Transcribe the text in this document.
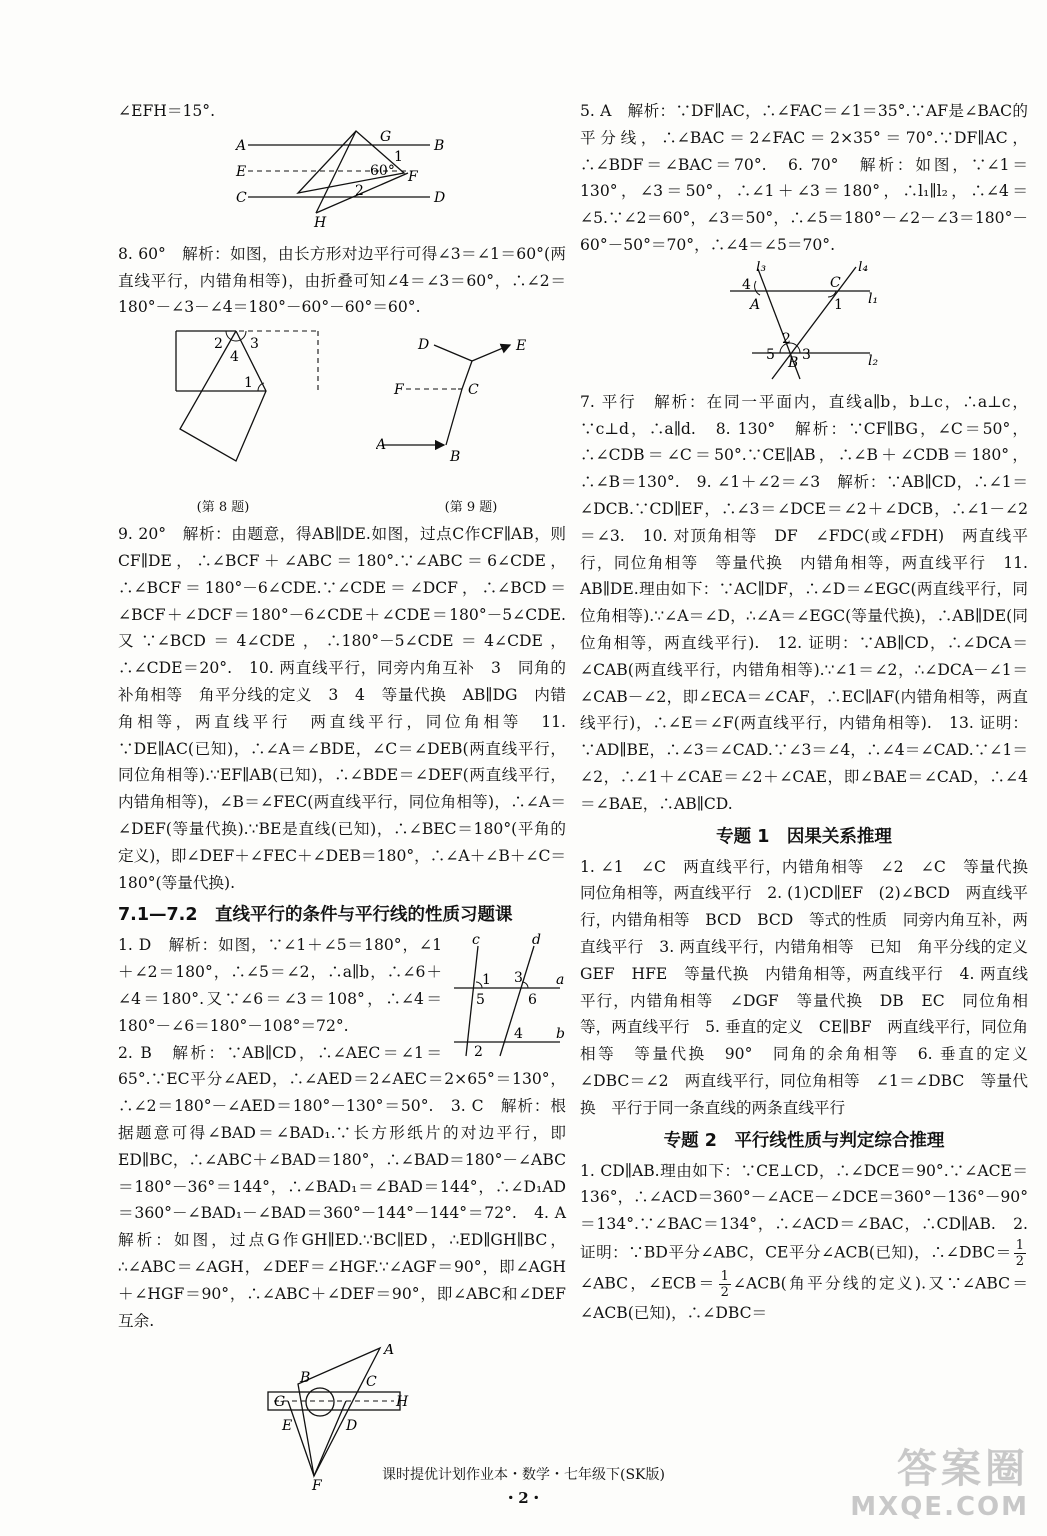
∠EFH＝15°.

A	B
E	F
C	D
G
H
1
2
60°

8. 60°　解析：如图，由长方形对边平行可得∠3＝∠1＝60°(两直线平行，内错角相等)，由折叠可知∠4＝∠3＝60°，∴∠2＝180°－∠3－∠4＝180°－60°－60°＝60°.

2 3
4
1
(第 8 题)
D	E
F	C
A
B
(第 9 题)

9. 20°　解析：由题意，得AB∥DE.如图，过点C作CF∥AB，则CF∥DE，∴∠BCF＋∠ABC＝180°.∵∠ABC＝6∠CDE，∴∠BCF＝180°－6∠CDE.∵∠CDE＝∠DCF，∴∠BCD＝∠BCF＋∠DCF＝180°－6∠CDE＋∠CDE＝180°－5∠CDE.又∵∠BCD＝4∠CDE，∴180°－5∠CDE＝4∠CDE，∴∠CDE＝20°.　10. 两直线平行，同旁内角互补　3　同角的补角相等　角平分线的定义　3　4　等量代换　AB∥DG　内错角相等，两直线平行　两直线平行，同位角相等　11. ∵DE∥AC(已知)，∴∠A＝∠BDE，∠C＝∠DEB(两直线平行，同位角相等).∵EF∥AB(已知)，∴∠BDE＝∠DEF(两直线平行，内错角相等)，∠B＝∠FEC(两直线平行，同位角相等)，∴∠A＝∠DEF(等量代换).∵BE是直线(已知)，∴∠BEC＝180°(平角的定义)，即∠DEF＋∠FEC＋∠DEB＝180°，∴∠A＋∠B＋∠C＝180°(等量代换).

7.1—7.2　直线平行的条件与平行线的性质习题课
c	d
a
b
1 3
5	6
4
2

1. D　解析：如图，∵∠1＋∠5＝180°，∠1＋∠2＝180°，∴∠5＝∠2，∴a∥b，∴∠6＋∠4＝180°.又∵∠6＝∠3＝108°，∴∠4＝180°－∠6＝180°－108°＝72°.

2. B　解析：∵AB∥CD，∴∠AEC＝∠1＝65°.∵EC平分∠AED，∴∠AED＝2∠AEC＝2×65°＝130°，∴∠2＝180°－∠AED＝180°－130°＝50°.　3. C　解析：根据题意可得∠BAD＝∠BAD₁.∵长方形纸片的对边平行，即ED∥BC，∴∠ABC＋∠BAD＝180°，∴∠BAD＝180°－∠ABC＝180°－36°＝144°，∴∠BAD₁＝∠BAD＝144°，∴∠D₁AD＝360°－∠BAD₁－∠BAD＝360°－144°－144°＝72°.　4. A　解析：如图，过点G作GH∥ED.∵BC∥ED，∴ED∥GH∥BC，∴∠ABC＝∠AGH，∠DEF＝∠HGF.∵∠AGF＝90°，即∠AGH＋∠HGF＝90°，∴∠ABC＋∠DEF＝90°，即∠ABC和∠DEF互余.

A
B	C
G	H
E	D
F

5. A　解析：∵DF∥AC，∴∠FAC＝∠1＝35°.∵AF是∠BAC的平分线，∴∠BAC＝2∠FAC＝2×35°＝70°.∵DF∥AC，∴∠BDF＝∠BAC＝70°.　6. 70°　解析：如图，∵∠1＝130°，∠3＝50°，∴∠1＋∠3＝180°，∴l₁∥l₂，∴∠4＝∠5.∵∠2＝60°，∠3＝50°，∴∠5＝180°－∠2－∠3＝180°－60°－50°＝70°，∴∠4＝∠5＝70°.

l₃	l₄
l₁
l₂
A
C
B
4
1
2
5 3

7. 平行　解析：在同一平面内，直线a∥b，b⊥c，∴a⊥c，∵c⊥d，∴a∥d.　8. 130°　解析：∵CF∥BG，∠C＝50°，∴∠CDB＝∠C＝50°.∵CE∥AB，∴∠B＋∠CDB＝180°，∴∠B＝130°.　9. ∠1＋∠2＝∠3　解析：∵AB∥CD，∴∠1＝∠DCB.∵CD∥EF，∴∠3＝∠DCE＝∠2＋∠DCB，∴∠1－∠2＝∠3.　10. 对顶角相等　DF　∠FDC(或∠FDH)　两直线平行，同位角相等　等量代换　内错角相等，两直线平行　11. AB∥DE.理由如下：∵AC∥DF，∴∠D＝∠EGC(两直线平行，同位角相等).∵∠A＝∠D，∴∠A＝∠EGC(等量代换)，∴AB∥DE(同位角相等，两直线平行).　12. 证明：∵AB∥CD，∴∠DCA＝∠CAB(两直线平行，内错角相等).∵∠1＝∠2，∴∠DCA－∠1＝∠CAB－∠2，即∠ECA＝∠CAF，∴EC∥AF(内错角相等，两直线平行)，∴∠E＝∠F(两直线平行，内错角相等).　13. 证明：∵AD∥BE，∴∠3＝∠CAD.∵∠3＝∠4，∴∠4＝∠CAD.∵∠1＝∠2，∴∠1＋∠CAE＝∠2＋∠CAE，即∠BAE＝∠CAD，∴∠4＝∠BAE，∴AB∥CD.

专题 1　因果关系推理

1. ∠1　∠C　两直线平行，内错角相等　∠2　∠C　等量代换　同位角相等，两直线平行　2. (1)CD∥EF　(2)∠BCD　两直线平行，内错角相等　BCD　BCD　等式的性质　同旁内角互补，两直线平行　3. 两直线平行，内错角相等　已知　角平分线的定义　GEF　HFE　等量代换　内错角相等，两直线平行　4. 两直线平行，内错角相等　∠DGF　等量代换　DB　EC　同位角相等，两直线平行　5. 垂直的定义　CE∥BF　两直线平行，同位角相等　等量代换　90°　同角的余角相等　6. 垂直的定义　∠DBC＝∠2　两直线平行，同位角相等　∠1＝∠DBC　等量代换　平行于同一条直线的两条直线平行

专题 2　平行线性质与判定综合推理

1. CD∥AB.理由如下：∵CE⊥CD，∴∠DCE＝90°.∵∠ACE＝136°，∴∠ACD＝360°－∠ACE－∠DCE＝360°－136°－90°＝134°.∵∠BAC＝134°，∴∠ACD＝∠BAC，∴CD∥AB.　2. 证明：∵BD平分∠ABC，CE平分∠ACB(已知)，∴∠DBC＝ $\frac{1}{2}$
∠ABC，∠ECB＝ $\frac{1}{2}$ ∠ACB(角平分线的定义).又∵∠ABC＝∠ACB(已知)，∴∠DBC＝

课时提优计划作业本・数学・七年级下(SK版)
・2・
答案圈
MXQE.COM
